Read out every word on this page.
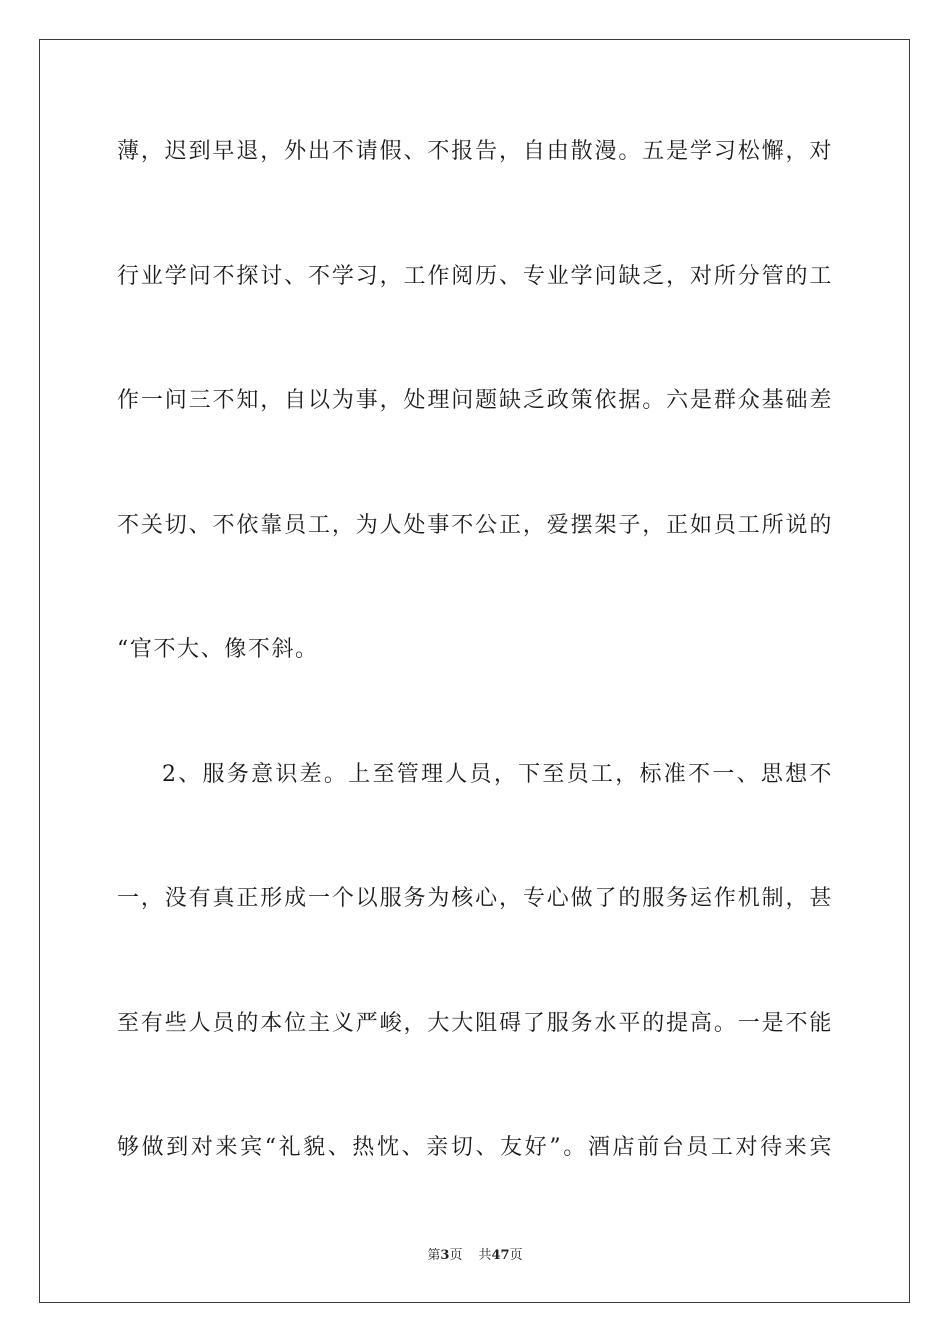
薄，迟到早退，外出不请假、不报告，自由散漫。五是学习松懈，对
行业学问不探讨、不学习，工作阅历、专业学问缺乏，对所分管的工
作一问三不知，自以为事，处理问题缺乏政策依据。六是群众基础差
不关切、不依靠员工，为人处事不公正，爱摆架子，正如员工所说的
“官不大、像不斜。
2、服务意识差。上至管理人员，下至员工，标准不一、思想不
一，没有真正形成一个以服务为核心，专心做了的服务运作机制，甚
至有些人员的本位主义严峻，大大阻碍了服务水平的提高。一是不能
够做到对来宾“礼貌、热忱、亲切、友好”。酒店前台员工对待来宾
第3页 共47页
